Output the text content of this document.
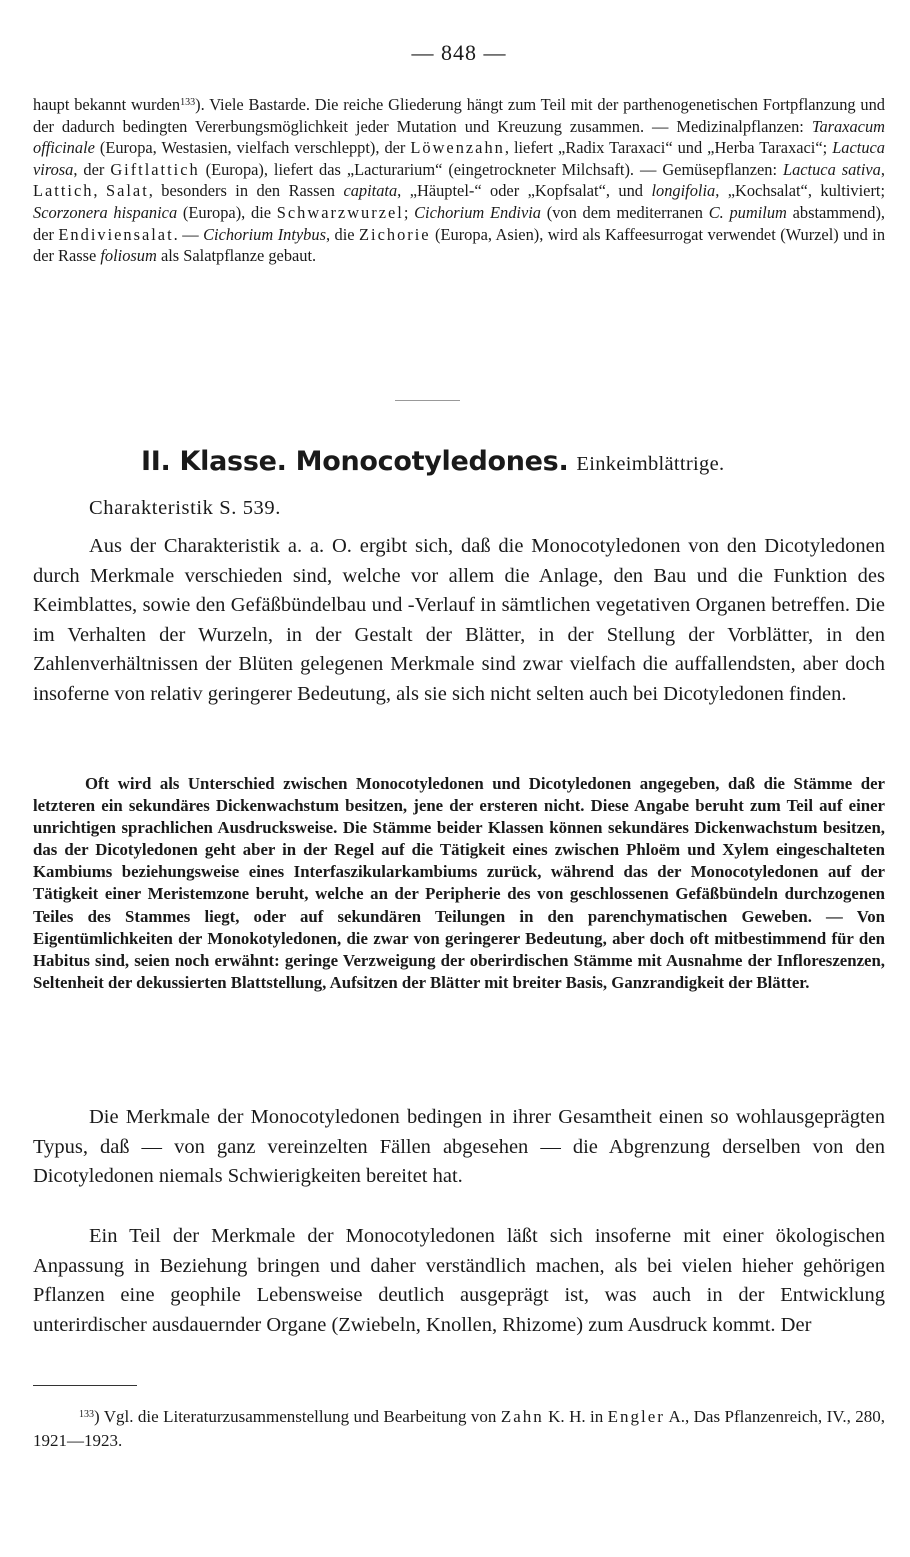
— 848 —

haupt bekannt wurden$^{133}$). Viele Bastarde. Die reiche Gliederung hängt zum Teil mit der parthenogenetischen Fortpflanzung und der dadurch bedingten Vererbungsmöglichkeit jeder Mutation und Kreuzung zusammen. — Medizinalpflanzen: Taraxacum officinale (Europa, Westasien, vielfach verschleppt), der Löwenzahn, liefert „Radix Taraxaci“ und „Herba Taraxaci“; Lactuca virosa, der Giftlattich (Europa), liefert das „Lacturarium“ (eingetrockneter Milchsaft). — Gemüsepflanzen: Lactuca sativa, Lattich, Salat, besonders in den Rassen capitata, „Häuptel-“ oder „Kopfsalat“, und longifolia, „Kochsalat“, kultiviert; Scorzonera hispanica (Europa), die Schwarzwurzel; Cichorium Endivia (von dem mediterranen C. pumilum abstammend), der Endiviensalat. — Cichorium Intybus, die Zichorie (Europa, Asien), wird als Kaffeesurrogat verwendet (Wurzel) und in der Rasse foliosum als Salatpflanze gebaut.

II. Klasse. Monocotyledones. Einkeimblättrige.
Charakteristik S. 539.

Aus der Charakteristik a. a. O. ergibt sich, daß die Monocotyledonen von den Dicotyledonen durch Merkmale verschieden sind, welche vor allem die Anlage, den Bau und die Funktion des Keimblattes, sowie den Gefäßbündelbau und -Verlauf in sämtlichen vegetativen Organen betreffen. Die im Verhalten der Wurzeln, in der Gestalt der Blätter, in der Stellung der Vorblätter, in den Zahlenverhältnissen der Blüten gelegenen Merkmale sind zwar vielfach die auffallendsten, aber doch insoferne von relativ geringerer Bedeutung, als sie sich nicht selten auch bei Dicotyledonen finden.

Oft wird als Unterschied zwischen Monocotyledonen und Dicotyledonen angegeben, daß die Stämme der letzteren ein sekundäres Dickenwachstum besitzen, jene der ersteren nicht. Diese Angabe beruht zum Teil auf einer unrichtigen sprachlichen Ausdrucksweise. Die Stämme beider Klassen können sekundäres Dickenwachstum besitzen, das der Dicotyledonen geht aber in der Regel auf die Tätigkeit eines zwischen Phloëm und Xylem eingeschalteten Kambiums beziehungsweise eines Interfaszikularkambiums zurück, während das der Monocotyledonen auf der Tätigkeit einer Meristemzone beruht, welche an der Peripherie des von geschlossenen Gefäßbündeln durchzogenen Teiles des Stammes liegt, oder auf sekundären Teilungen in den parenchymatischen Geweben. — Von Eigentümlichkeiten der Monokotyledonen, die zwar von geringerer Bedeutung, aber doch oft mitbestimmend für den Habitus sind, seien noch erwähnt: geringe Verzweigung der oberirdischen Stämme mit Ausnahme der Infloreszenzen, Seltenheit der dekussierten Blattstellung, Aufsitzen der Blätter mit breiter Basis, Ganzrandigkeit der Blätter.

Die Merkmale der Monocotyledonen bedingen in ihrer Gesamtheit einen so wohlausgeprägten Typus, daß — von ganz vereinzelten Fällen abgesehen — die Abgrenzung derselben von den Dicotyledonen niemals Schwierigkeiten bereitet hat.

Ein Teil der Merkmale der Monocotyledonen läßt sich insoferne mit einer ökologischen Anpassung in Beziehung bringen und daher verständlich machen, als bei vielen hieher gehörigen Pflanzen eine geophile Lebensweise deutlich ausgeprägt ist, was auch in der Entwicklung unterirdischer ausdauernder Organe (Zwiebeln, Knollen, Rhizome) zum Ausdruck kommt. Der

$^{133}$) Vgl. die Literaturzusammenstellung und Bearbeitung von Zahn K. H. in Engler A., Das Pflanzenreich, IV., 280, 1921—1923.
